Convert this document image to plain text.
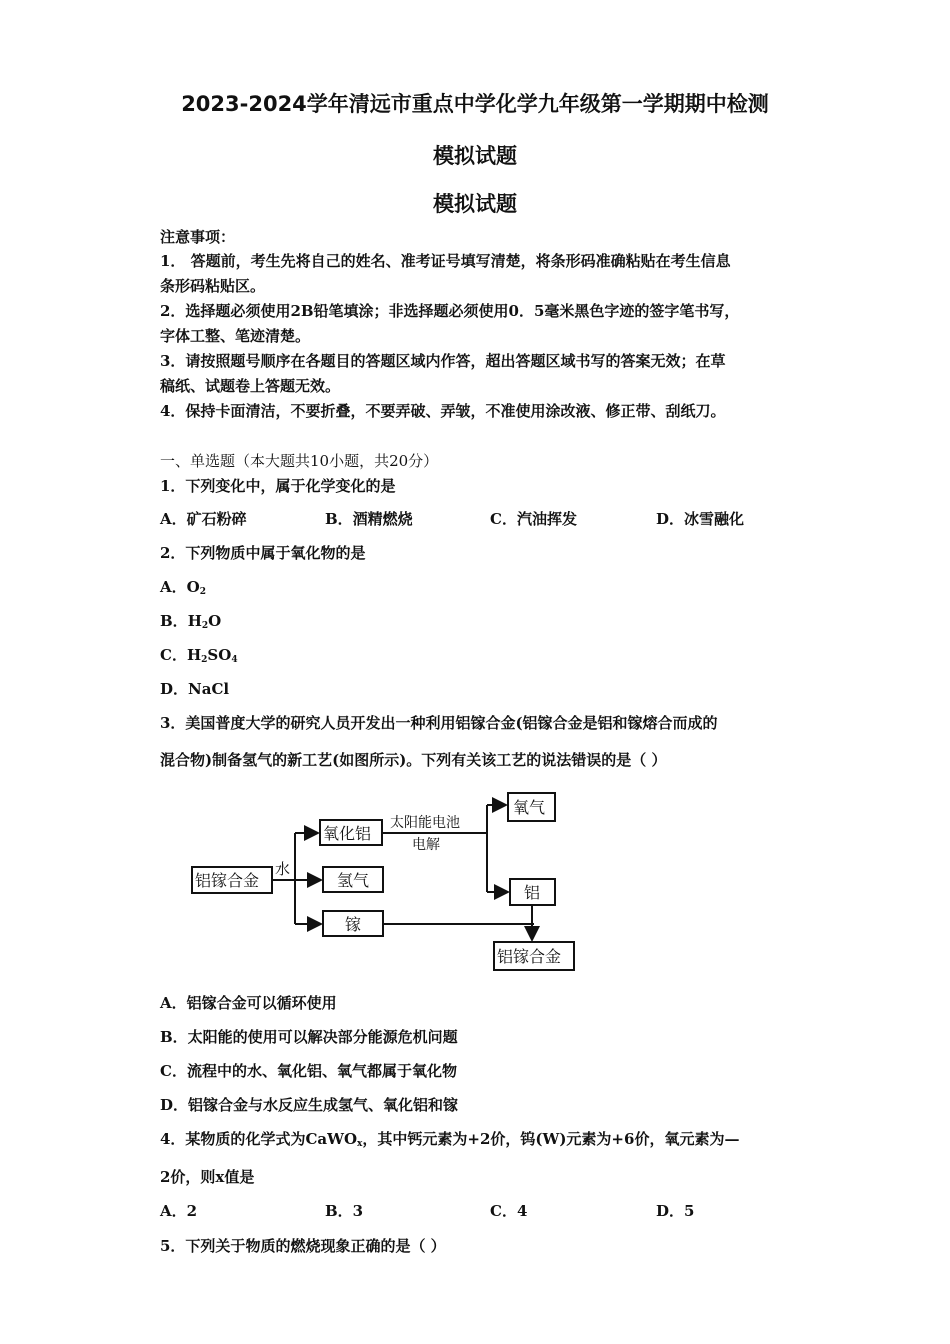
2023-2024学年清远市重点中学化学九年级第一学期期中检测
模拟试题
模拟试题

注意事项：

1． 答题前，考生先将自己的姓名、准考证号填写清楚，将条形码准确粘贴在考生信息

条形码粘贴区。

2．选择题必须使用2B铅笔填涂；非选择题必须使用0．5毫米黑色字迹的签字笔书写，

字体工整、笔迹清楚。

3．请按照题号顺序在各题目的答题区域内作答，超出答题区域书写的答案无效；在草

稿纸、试题卷上答题无效。

4．保持卡面清洁，不要折叠，不要弄破、弄皱，不准使用涂改液、修正带、刮纸刀。

一、单选题（本大题共10小题，共20分）

1．下列变化中，属于化学变化的是

A．矿石粉碎	B．酒精燃烧	C．汽油挥发	D．冰雪融化

2．下列物质中属于氧化物的是

A．$O_2$

B．$H_2O$

C．$H_2SO_4$

D．NaCl

3．美国普度大学的研究人员开发出一种利用铝镓合金(铝镓合金是铝和镓熔合而成的

混合物)制备氢气的新工艺(如图所示)。下列有关该工艺的说法错误的是（ ）

铝镓合金
水
氧化铝
氢气
镓
太阳能电池
电解
氧气
铝
铝镓合金

A．铝镓合金可以循环使用

B．太阳能的使用可以解决部分能源危机问题

C．流程中的水、氧化铝、氧气都属于氧化物

D．铝镓合金与水反应生成氢气、氧化铝和镓

4．某物质的化学式为CaWO$_x$，其中钙元素为+2价，钨(W)元素为+6价，氧元素为—

2价，则x值是

A．2	B．3	C．4	D．5

5．下列关于物质的燃烧现象正确的是（ ）
